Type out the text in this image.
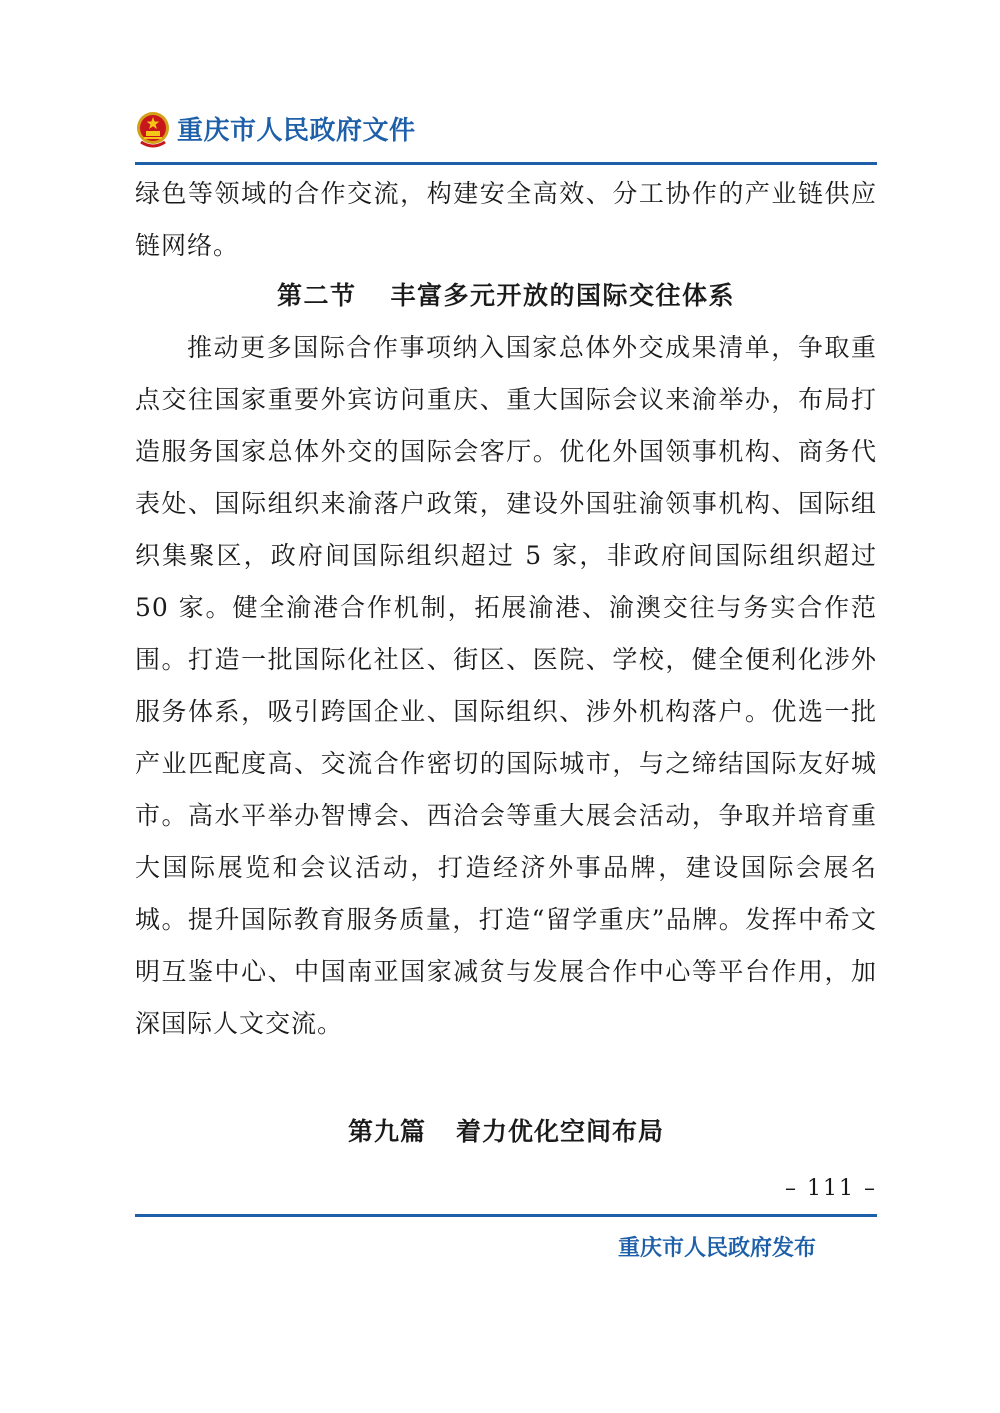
重庆市人民政府文件
绿色等领域的合作交流，构建安全高效、分工协作的产业链供应链网络。
第二节 丰富多元开放的国际交往体系
推动更多国际合作事项纳入国家总体外交成果清单，争取重点交往国家重要外宾访问重庆、重大国际会议来渝举办，布局打造服务国家总体外交的国际会客厅。优化外国领事机构、商务代表处、国际组织来渝落户政策，建设外国驻渝领事机构、国际组织集聚区，政府间国际组织超过 5 家，非政府间国际组织超过 50 家。健全渝港合作机制，拓展渝港、渝澳交往与务实合作范围。打造一批国际化社区、街区、医院、学校，健全便利化涉外服务体系，吸引跨国企业、国际组织、涉外机构落户。优选一批产业匹配度高、交流合作密切的国际城市，与之缔结国际友好城市。高水平举办智博会、西洽会等重大展会活动，争取并培育重大国际展览和会议活动，打造经济外事品牌，建设国际会展名城。提升国际教育服务质量，打造“留学重庆”品牌。发挥中希文明互鉴中心、中国南亚国家减贫与发展合作中心等平台作用，加深国际人文交流。
第九篇 着力优化空间布局
– 111 –
重庆市人民政府发布
